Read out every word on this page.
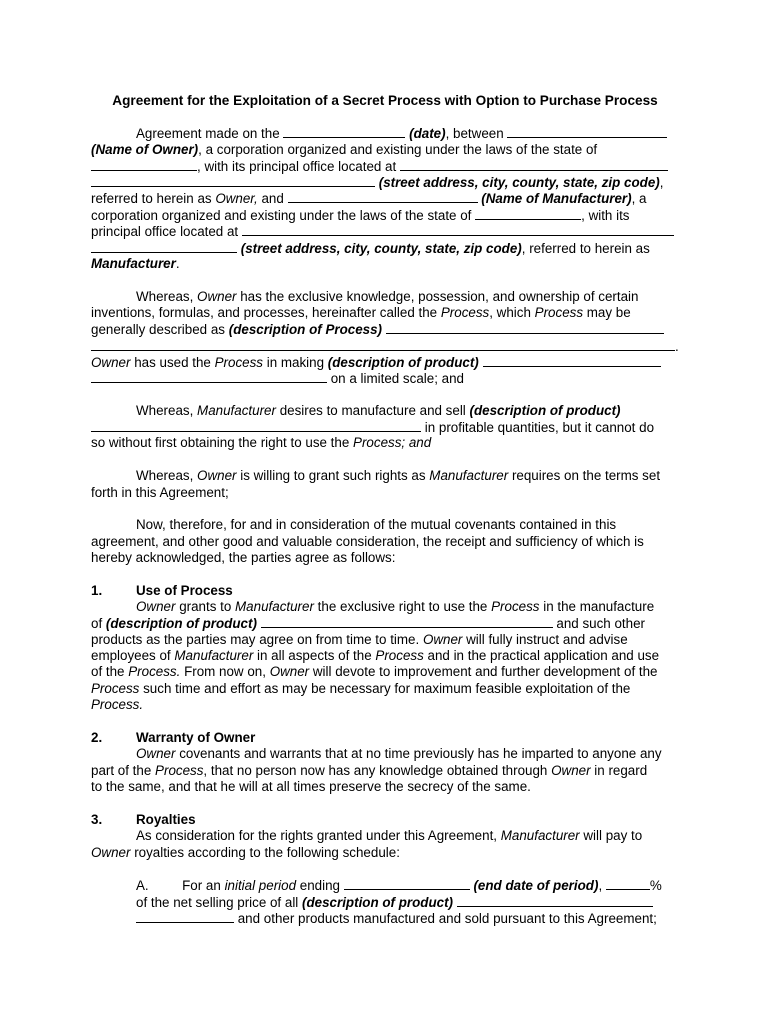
Agreement for the Exploitation of a Secret Process with Option to Purchase Process
Agreement made on the	(date), between
(Name of Owner), a corporation organized and existing under the laws of the state of
, with its principal office located at
(street address, city, county, state, zip code),
referred to herein as Owner, and	(Name of Manufacturer), a
corporation organized and existing under the laws of the state of	, with its
principal office located at
(street address, city, county, state, zip code), referred to herein as
Manufacturer.
Whereas, Owner has the exclusive knowledge, possession, and ownership of certain
inventions, formulas, and processes, hereinafter called the Process, which Process may be
generally described as (description of Process)
.
Owner has used the Process in making (description of product)
on a limited scale; and
Whereas, Manufacturer desires to manufacture and sell (description of product)
in profitable quantities, but it cannot do
so without first obtaining the right to use the Process; and
Whereas, Owner is willing to grant such rights as Manufacturer requires on the terms set
forth in this Agreement;
Now, therefore, for and in consideration of the mutual covenants contained in this
agreement, and other good and valuable consideration, the receipt and sufficiency of which is
hereby acknowledged, the parties agree as follows:
1.	Use of Process
Owner grants to Manufacturer the exclusive right to use the Process in the manufacture
of (description of product)	and such other
products as the parties may agree on from time to time. Owner will fully instruct and advise
employees of Manufacturer in all aspects of the Process and in the practical application and use
of the Process. From now on, Owner will devote to improvement and further development of the
Process such time and effort as may be necessary for maximum feasible exploitation of the
Process.
2.	Warranty of Owner
Owner covenants and warrants that at no time previously has he imparted to anyone any
part of the Process, that no person now has any knowledge obtained through Owner in regard
to the same, and that he will at all times preserve the secrecy of the same.
3.	Royalties
As consideration for the rights granted under this Agreement, Manufacturer will pay to
Owner royalties according to the following schedule:
A. For an initial period ending	(end date of period),	%
of the net selling price of all (description of product)
and other products manufactured and sold pursuant to this Agreement;
